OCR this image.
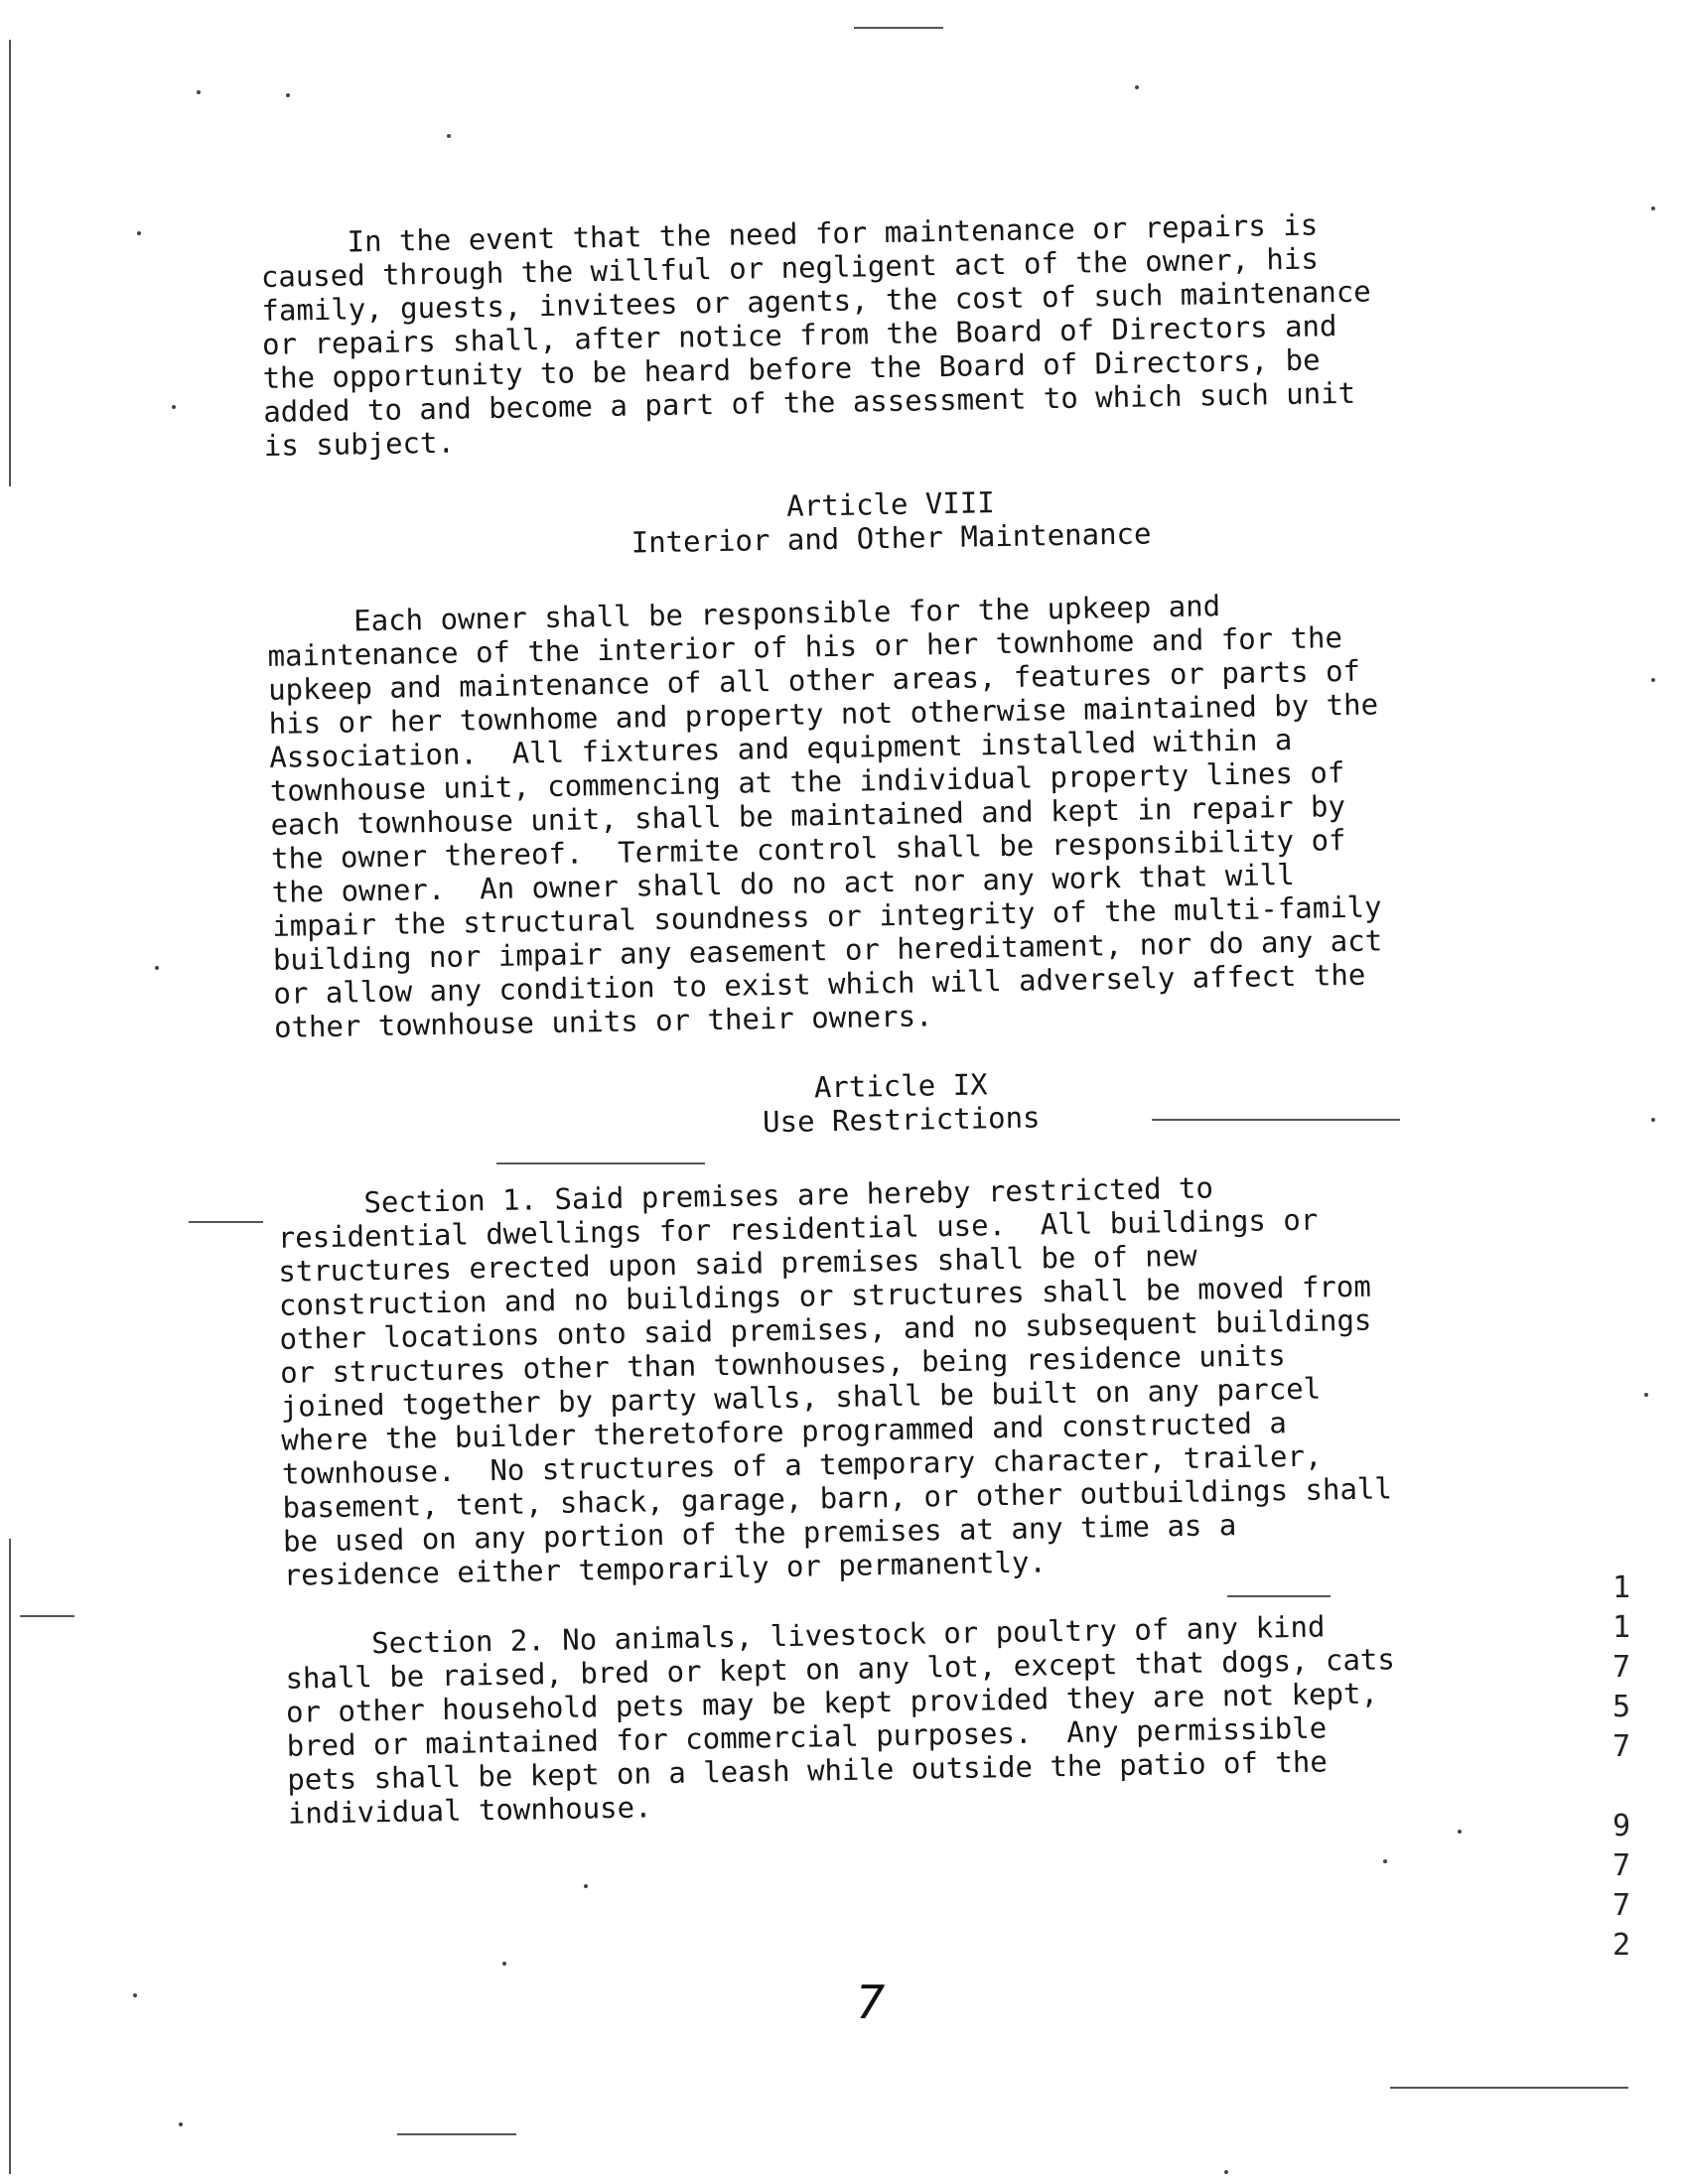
In the event that the need for maintenance or repairs is
caused through the willful or negligent act of the owner, his
family, guests, invitees or agents, the cost of such maintenance
or repairs shall, after notice from the Board of Directors and
the opportunity to be heard before the Board of Directors, be
added to and become a part of the assessment to which such unit
is subject.

Article VIII

Interior and Other Maintenance

Each owner shall be responsible for the upkeep and
maintenance of the interior of his or her townhome and for the
upkeep and maintenance of all other areas, features or parts of
his or her townhome and property not otherwise maintained by the
Association.  All fixtures and equipment installed within a
townhouse unit, commencing at the individual property lines of
each townhouse unit, shall be maintained and kept in repair by
the owner thereof.  Termite control shall be responsibility of
the owner.  An owner shall do no act nor any work that will
impair the structural soundness or integrity of the multi-family
building nor impair any easement or hereditament, nor do any act
or allow any condition to exist which will adversely affect the
other townhouse units or their owners.

Article IX

Use Restrictions

Section 1. Said premises are hereby restricted to
residential dwellings for residential use.  All buildings or
structures erected upon said premises shall be of new
construction and no buildings or structures shall be moved from
other locations onto said premises, and no subsequent buildings
or structures other than townhouses, being residence units
joined together by party walls, shall be built on any parcel
where the builder theretofore programmed and constructed a
townhouse.  No structures of a temporary character, trailer,
basement, tent, shack, garage, barn, or other outbuildings shall
be used on any portion of the premises at any time as a
residence either temporarily or permanently.

Section 2. No animals, livestock or poultry of any kind
shall be raised, bred or kept on any lot, except that dogs, cats
or other household pets may be kept provided they are not kept,
bred or maintained for commercial purposes.  Any permissible
pets shall be kept on a leash while outside the patio of the
individual townhouse.

1
1
7
5
7

9
7
7
2
7
